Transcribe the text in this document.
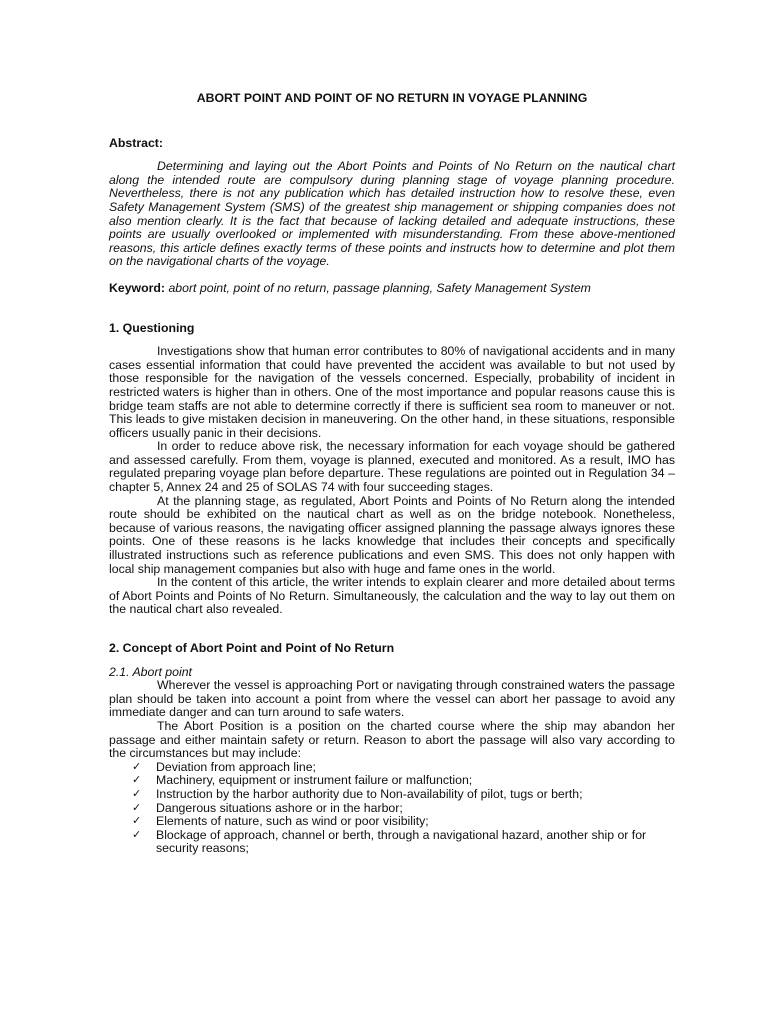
ABORT POINT AND POINT OF NO RETURN IN VOYAGE PLANNING
Abstract:

Determining and laying out the Abort Points and Points of No Return on the nautical chart along the intended route are compulsory during planning stage of voyage planning procedure. Nevertheless, there is not any publication which has detailed instruction how to resolve these, even Safety Management System (SMS) of the greatest ship management or shipping companies does not also mention clearly. It is the fact that because of lacking detailed and adequate instructions, these points are usually overlooked or implemented with misunderstanding. From these above-mentioned reasons, this article defines exactly terms of these points and instructs how to determine and plot them on the navigational charts of the voyage.

Keyword: abort point, point of no return, passage planning, Safety Management System

1. Questioning

Investigations show that human error contributes to 80% of navigational accidents and in many cases essential information that could have prevented the accident was available to but not used by those responsible for the navigation of the vessels concerned. Especially, probability of incident in restricted waters is higher than in others. One of the most importance and popular reasons cause this is bridge team staffs are not able to determine correctly if there is sufficient sea room to maneuver or not. This leads to give mistaken decision in maneuvering. On the other hand, in these situations, responsible officers usually panic in their decisions.

In order to reduce above risk, the necessary information for each voyage should be gathered and assessed carefully. From them, voyage is planned, executed and monitored. As a result, IMO has regulated preparing voyage plan before departure. These regulations are pointed out in Regulation 34 – chapter 5, Annex 24 and 25 of SOLAS 74 with four succeeding stages.

At the planning stage, as regulated, Abort Points and Points of No Return along the intended route should be exhibited on the nautical chart as well as on the bridge notebook. Nonetheless, because of various reasons, the navigating officer assigned planning the passage always ignores these points. One of these reasons is he lacks knowledge that includes their concepts and specifically illustrated instructions such as reference publications and even SMS. This does not only happen with local ship management companies but also with huge and fame ones in the world.

In the content of this article, the writer intends to explain clearer and more detailed about terms of Abort Points and Points of No Return. Simultaneously, the calculation and the way to lay out them on the nautical chart also revealed.

2. Concept of Abort Point and Point of No Return

2.1. Abort point

Wherever the vessel is approaching Port or navigating through constrained waters the passage plan should be taken into account a point from where the vessel can abort her passage to avoid any immediate danger and can turn around to safe waters.

The Abort Position is a position on the charted course where the ship may abandon her passage and either maintain safety or return. Reason to abort the passage will also vary according to the circumstances but may include:

✓ Deviation from approach line;
✓ Machinery, equipment or instrument failure or malfunction;
✓ Instruction by the harbor authority due to Non-availability of pilot, tugs or berth;
✓ Dangerous situations ashore or in the harbor;
✓ Elements of nature, such as wind or poor visibility;
✓ Blockage of approach, channel or berth, through a navigational hazard, another ship or for security reasons;
